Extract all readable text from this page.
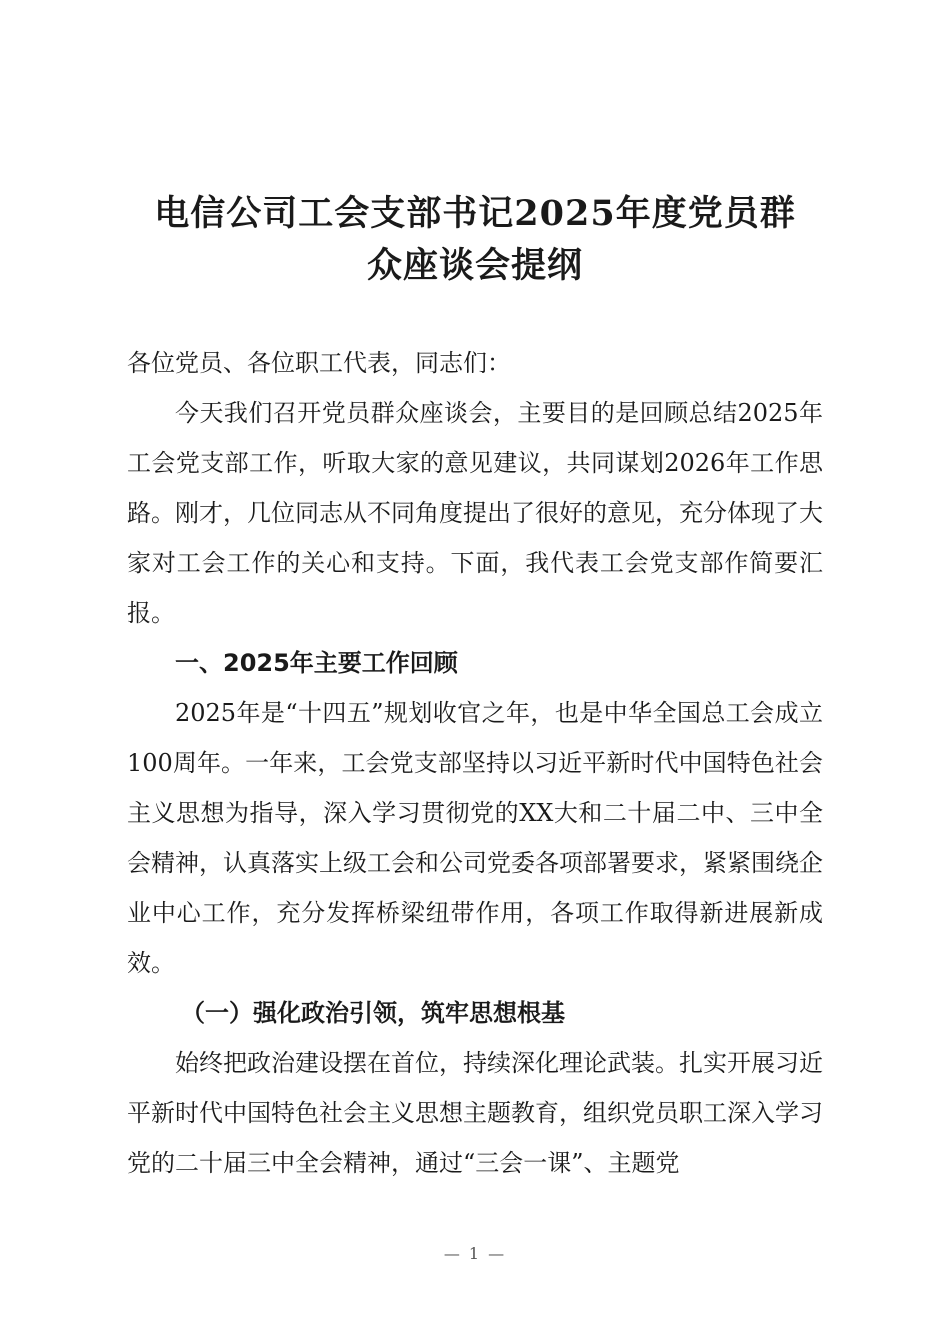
电信公司工会支部书记2025年度党员群
众座谈会提纲

各位党员、各位职工代表，同志们：

今天我们召开党员群众座谈会，主要目的是回顾总结2025年工会党支部工作，听取大家的意见建议，共同谋划2026年工作思路。刚才，几位同志从不同角度提出了很好的意见，充分体现了大家对工会工作的关心和支持。下面，我代表工会党支部作简要汇报。

一、2025年主要工作回顾

2025年是“十四五”规划收官之年，也是中华全国总工会成立100周年。一年来，工会党支部坚持以习近平新时代中国特色社会主义思想为指导，深入学习贯彻党的XX大和二十届二中、三中全会精神，认真落实上级工会和公司党委各项部署要求，紧紧围绕企业中心工作，充分发挥桥梁纽带作用，各项工作取得新进展新成效。

（一）强化政治引领，筑牢思想根基

始终把政治建设摆在首位，持续深化理论武装。扎实开展习近平新时代中国特色社会主义思想主题教育，组织党员职工深入学习党的二十届三中全会精神，通过“三会一课”、主题党

— 1 —
